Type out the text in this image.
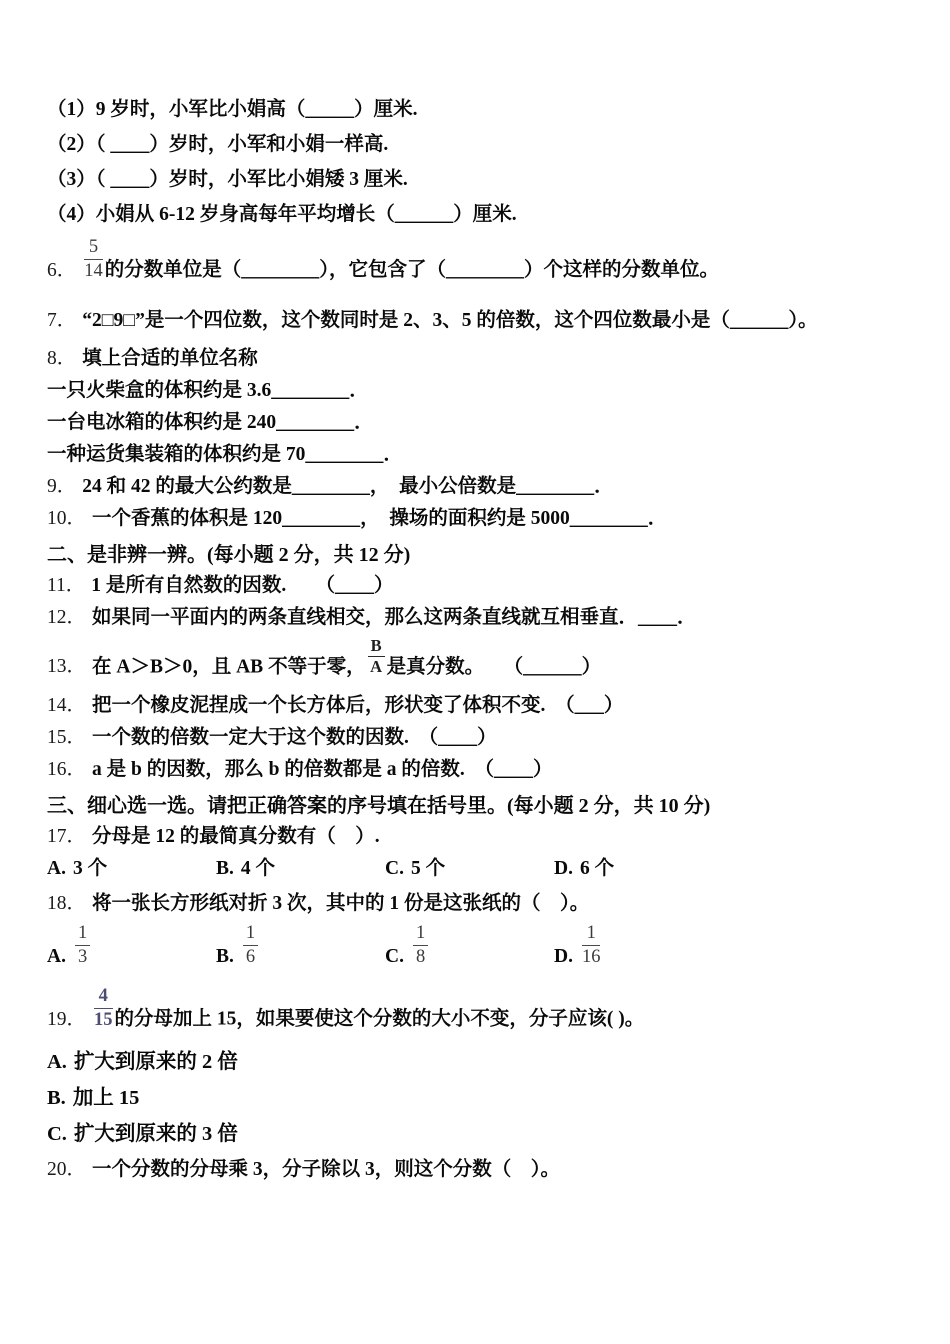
（1）9 岁时，小军比小娟高（_____）厘米.
（2）（ ____）岁时，小军和小娟一样高.
（3）（ ____）岁时，小军比小娟矮 3 厘米.
（4）小娟从 6-12 岁身高每年平均增长（______）厘米.
6． $\frac{5}{14}$ 的分数单位是（________），它包含了（________）个这样的分数单位。
7． “2□9□”是一个四位数，这个数同时是 2、3、5 的倍数，这个四位数最小是（______）。
8． 填上合适的单位名称
一只火柴盒的体积约是 3.6________．
一台电冰箱的体积约是 240________．
一种运货集装箱的体积约是 70________．
9． 24 和 42 的最大公约数是________，　最小公倍数是________．
10． 一个香蕉的体积是 120________，　操场的面积约是 5000________．
二、是非辨一辨。(每小题 2 分，共 12 分)
11． 1 是所有自然数的因数.　　（____）
12． 如果同一平面内的两条直线相交，那么这两条直线就互相垂直．____．
13． 在 A＞B＞0，且 AB 不等于零， $\frac{B}{A}$ 是真分数。　　（______）
14． 把一个橡皮泥捏成一个长方体后，形状变了体积不变.　（___）
15． 一个数的倍数一定大于这个数的因数.　（____）
16． a 是 b 的因数，那么 b 的倍数都是 a 的倍数.　（____）
三、细心选一选。请把正确答案的序号填在括号里。(每小题 2 分，共 10 分)
17． 分母是 12 的最简真分数有（　）.
A. 3 个	B. 4 个	C. 5 个	D. 6 个
18． 将一张长方形纸对折 3 次，其中的 1 份是这张纸的（　）。
A. $\frac{1}{3}$	B. $\frac{1}{6}$	C. $\frac{1}{8}$	D. $\frac{1}{16}$
19． $\frac{4}{15}$ 的分母加上 15，如果要使这个分数的大小不变，分子应该( )。
A. 扩大到原来的 2 倍
B. 加上 15
C. 扩大到原来的 3 倍
20． 一个分数的分母乘 3，分子除以 3，则这个分数（　）。
